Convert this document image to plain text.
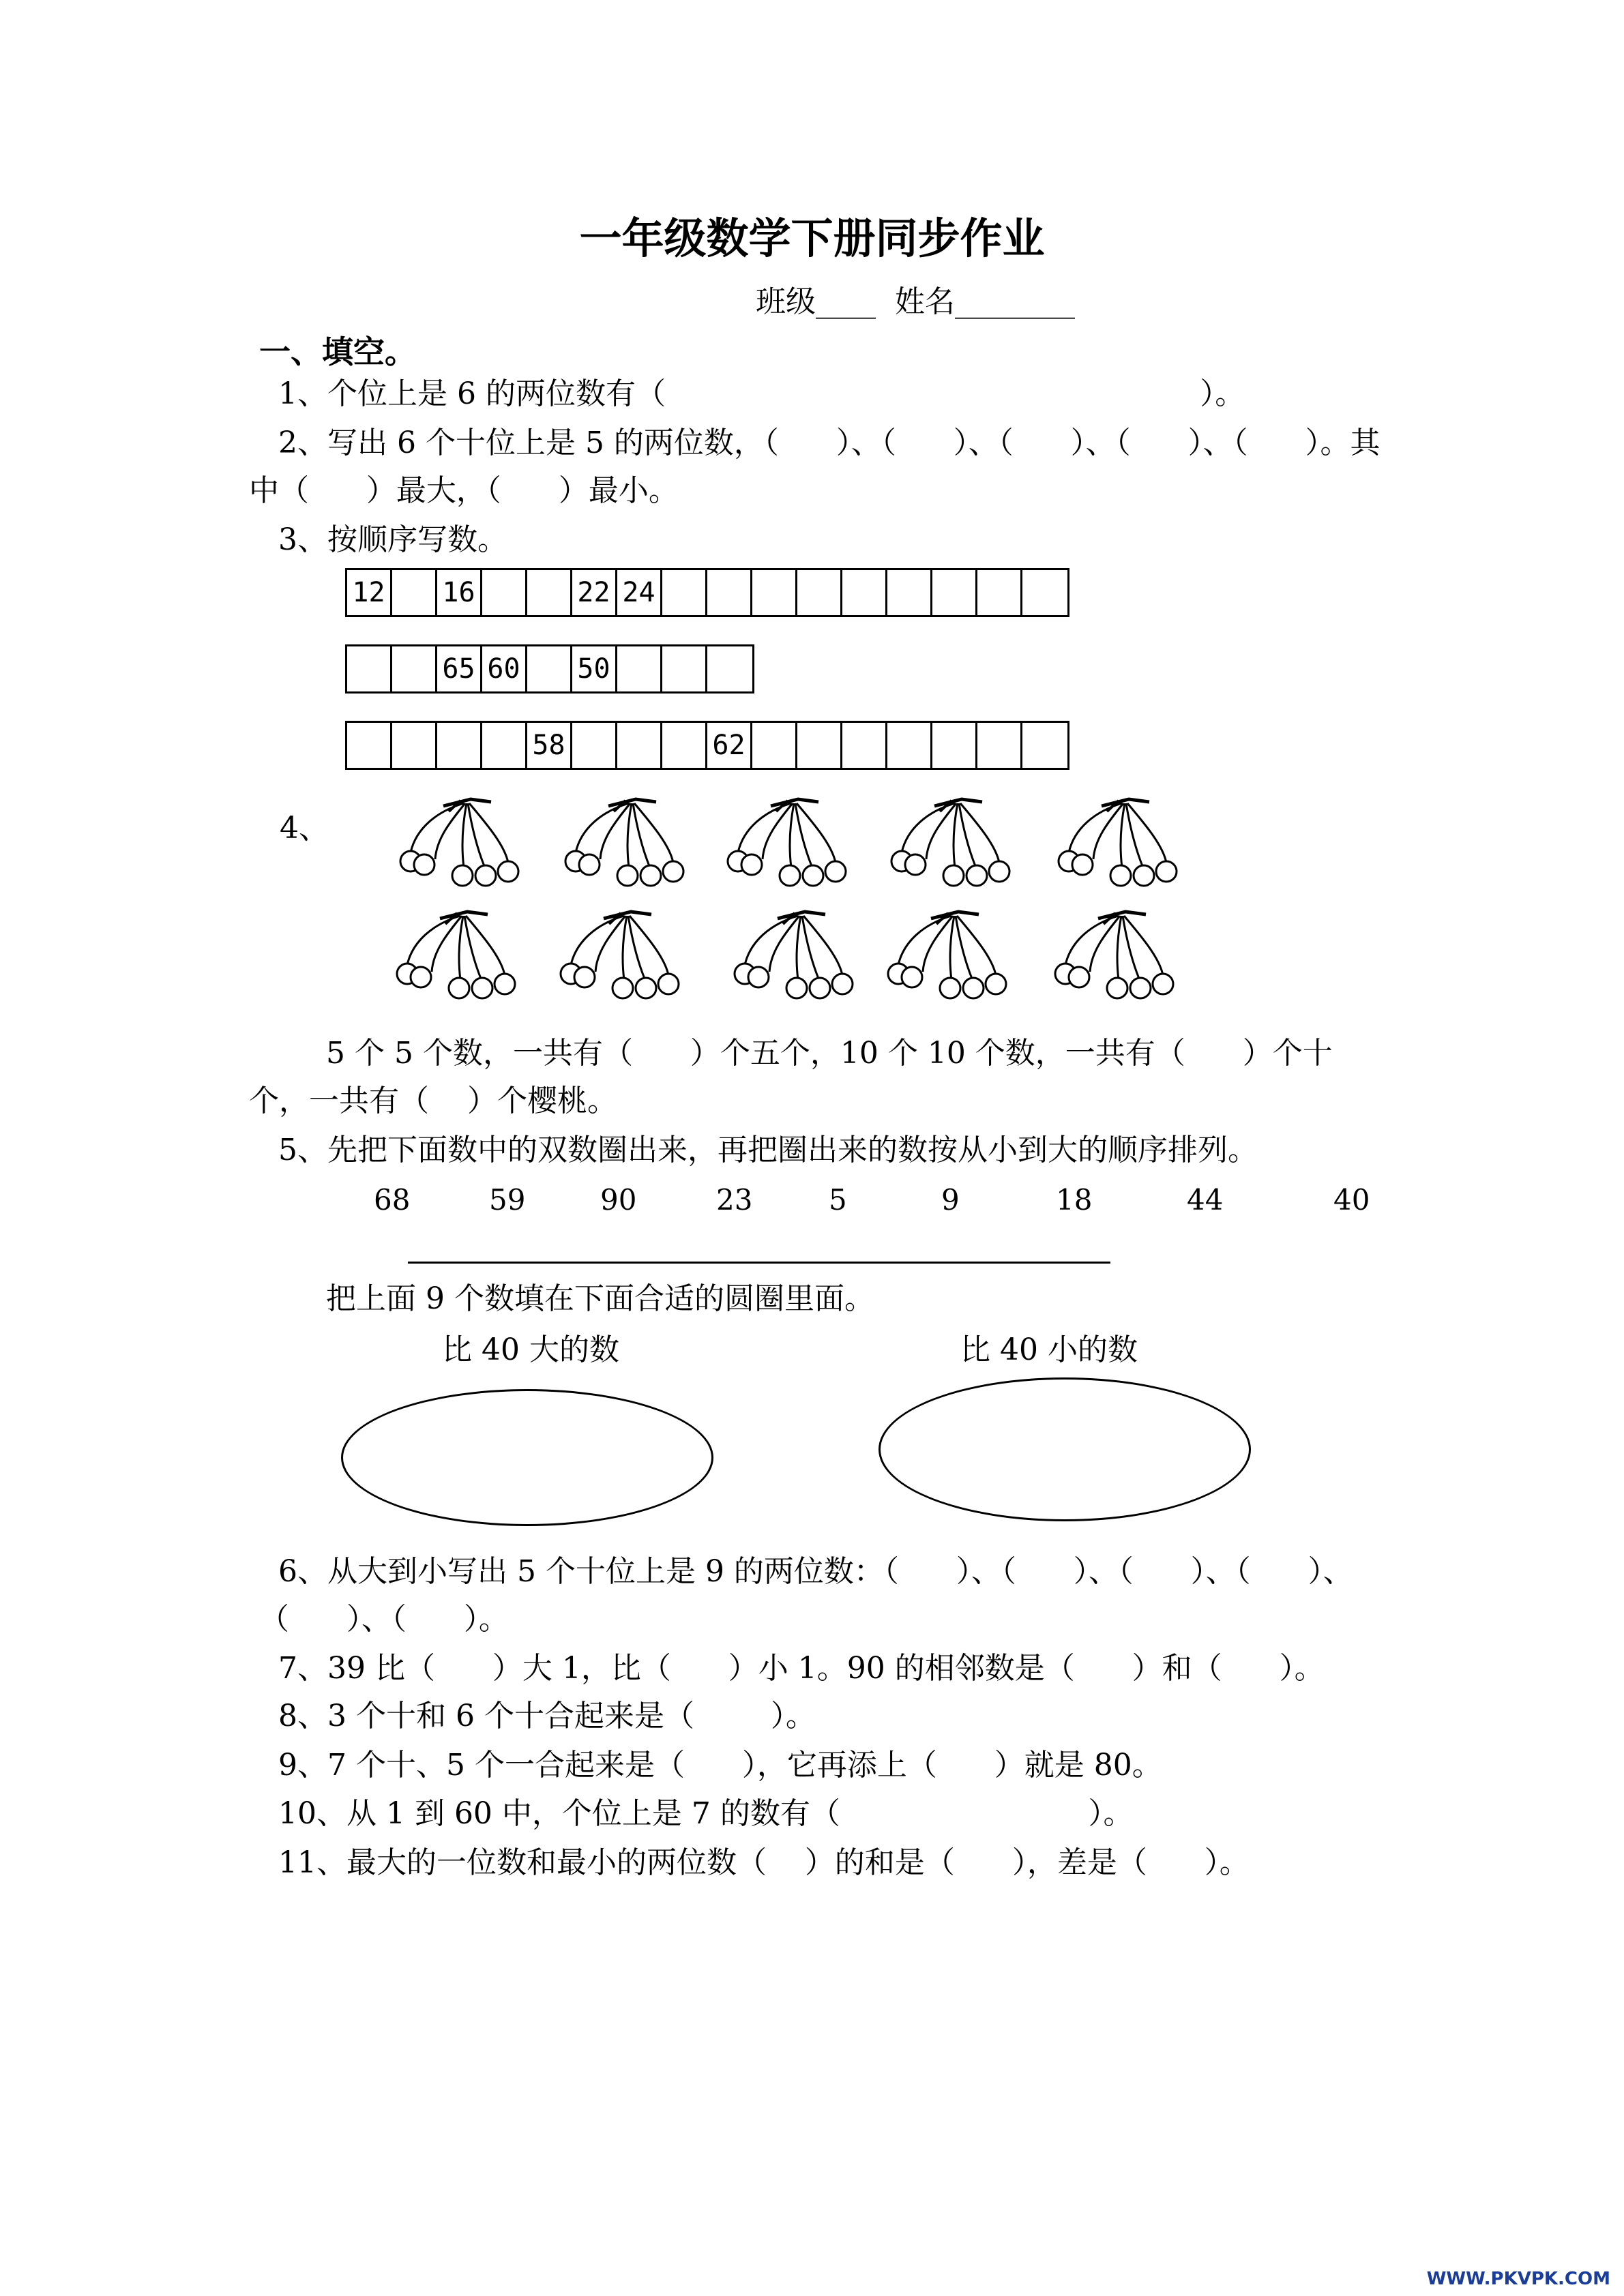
一年级数学下册同步作业
班级____  姓名________
一、填空。
1、个位上是 6 的两位数有（                                                        ）。
2、写出 6 个十位上是 5 的两位数，（      ）、（      ）、（      ）、（      ）、（      ）。其
中（      ）最大，（      ）最小。
3、按顺序写数。
12 16	22 24
65 60 50
58	62
4、
5 个 5 个数，一共有（      ）个五个，10 个 10 个数，一共有（      ）个十
个，一共有（    ）个樱桃。
5、先把下面数中的双数圈出来，再把圈出来的数按从小到大的顺序排列。
68	59	90	23	5	9	18	44	40
把上面 9 个数填在下面合适的圆圈里面。
比 40 大的数	比 40 小的数
6、从大到小写出 5 个十位上是 9 的两位数：（      ）、（      ）、（      ）、（      ）、
（      ）、（      ）。
7、39 比（      ）大 1，比（      ）小 1。90 的相邻数是（      ）和（      ）。
8、3 个十和 6 个十合起来是（        ）。
9、7 个十、5 个一合起来是（      ），它再添上（      ）就是 80。
10、从 1 到 60 中，个位上是 7 的数有（                          ）。
11、最大的一位数和最小的两位数（    ）的和是（      ），差是（      ）。
WWW.PKVPK.COM
